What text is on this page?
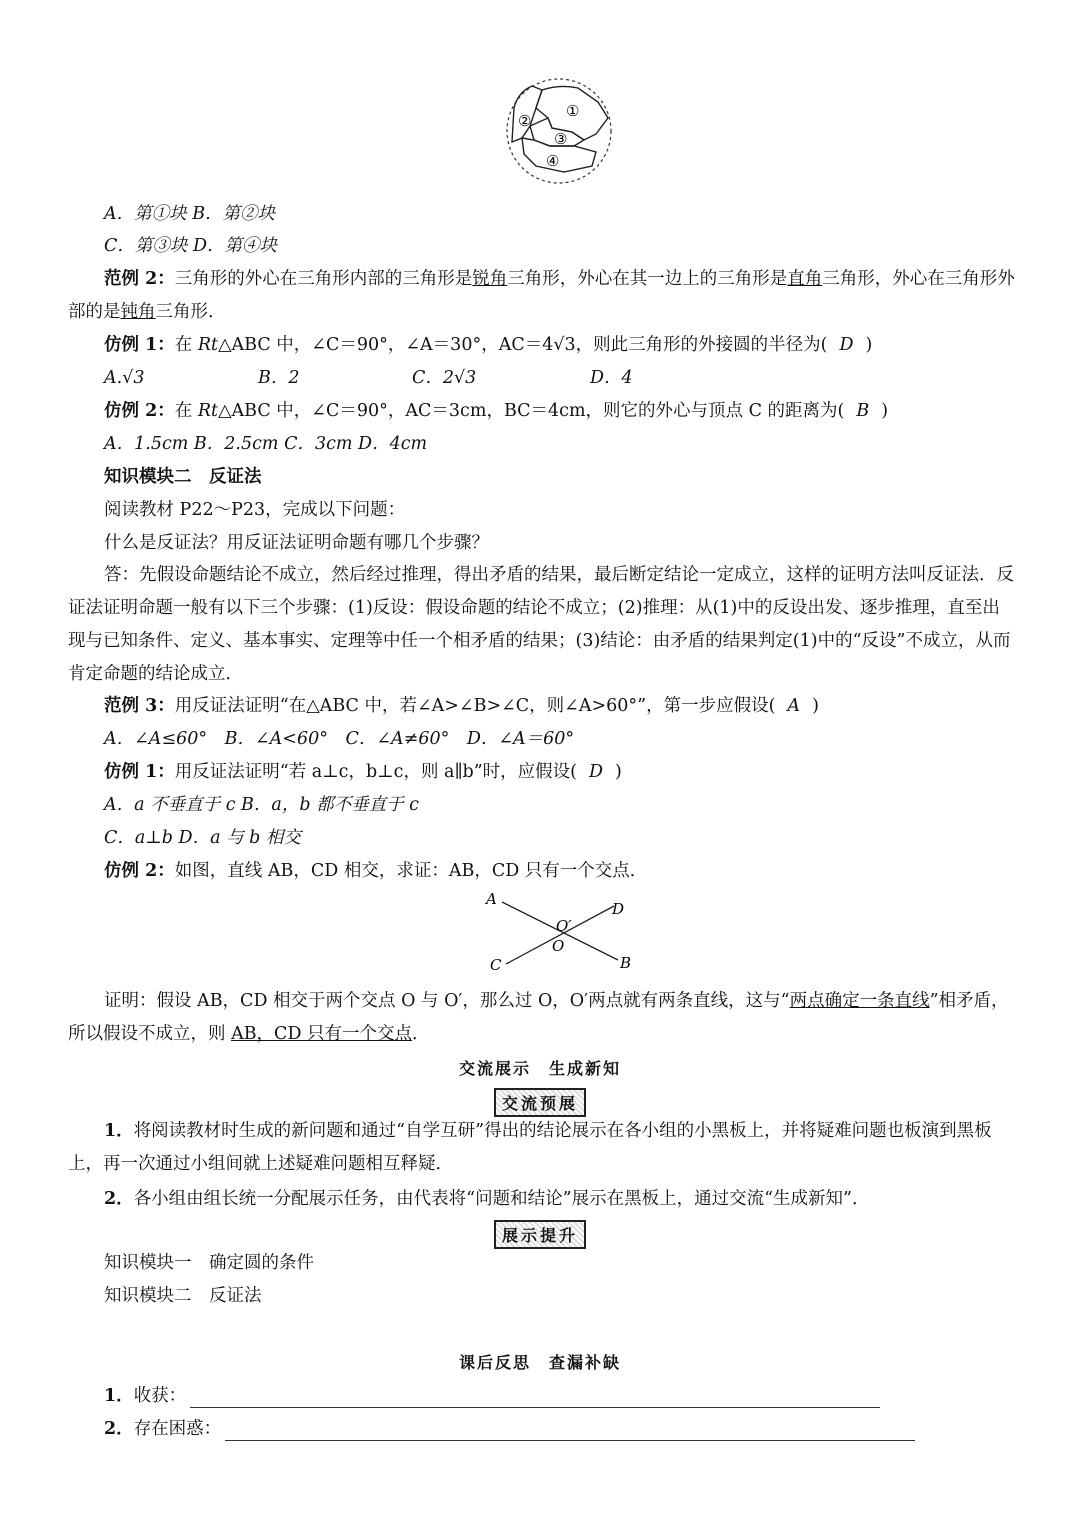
①
②
③
④
A．第①块 B．第②块
C．第③块 D．第④块
范例 2：三角形的外心在三角形内部的三角形是锐角三角形，外心在其一边上的三角形是直角三角形，外心在三角形外部的是钝角三角形．
仿例 1：在 Rt△ABC 中，∠C＝90°，∠A＝30°，AC＝4√3，则此三角形的外接圆的半径为( D )
A.√3	B．2	C．2√3	D．4
仿例 2：在 Rt△ABC 中，∠C＝90°，AC＝3cm，BC＝4cm，则它的外心与顶点 C 的距离为( B )
A．1.5cm B．2.5cm C．3cm D．4cm
知识模块二　反证法
阅读教材 P22～P23，完成以下问题：
什么是反证法？用反证法证明命题有哪几个步骤？
答：先假设命题结论不成立，然后经过推理，得出矛盾的结果，最后断定结论一定成立，这样的证明方法叫反证法．反证法证明命题一般有以下三个步骤：(1)反设：假设命题的结论不成立；(2)推理：从(1)中的反设出发、逐步推理，直至出现与已知条件、定义、基本事实、定理等中任一个相矛盾的结果；(3)结论：由矛盾的结果判定(1)中的“反设”不成立，从而肯定命题的结论成立．
范例 3：用反证法证明“在△ABC 中，若∠A>∠B>∠C，则∠A>60°”，第一步应假设( A )
A．∠A≤60°　B．∠A<60°　C．∠A≠60°　D．∠A＝60°
仿例 1：用反证法证明“若 a⊥c，b⊥c，则 a∥b”时，应假设( D )
A．a 不垂直于 c B．a，b 都不垂直于 c
C．a⊥b D．a 与 b 相交
仿例 2：如图，直线 AB，CD 相交，求证：AB，CD 只有一个交点．
A
D
O′
O
C	B
证明：假设 AB，CD 相交于两个交点 O 与 O′，那么过 O，O′两点就有两条直线，这与“两点确定一条直线”相矛盾，所以假设不成立，则 AB，CD 只有一个交点．
交流展示　生成新知
交流预展
1．将阅读教材时生成的新问题和通过“自学互研”得出的结论展示在各小组的小黑板上，并将疑难问题也板演到黑板上，再一次通过小组间就上述疑难问题相互释疑．
2．各小组由组长统一分配展示任务，由代表将“问题和结论”展示在黑板上，通过交流“生成新知”．
展示提升
知识模块一　确定圆的条件
知识模块二　反证法
课后反思　查漏补缺
1．收获：
2．存在困惑：
